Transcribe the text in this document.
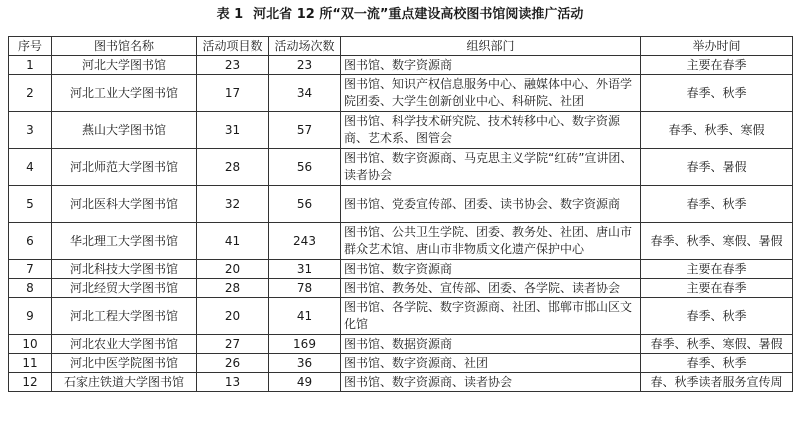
表 1 河北省 12 所“双一流”重点建设高校图书馆阅读推广活动
序号	图书馆名称	活动项目数	活动场次数	组织部门	举办时间
1	河北大学图书馆	23	23	图书馆、数字资源商	主要在春季
2	河北工业大学图书馆	17	34	图书馆、知识产权信息服务中心、融媒体中心、外语学院团委、大学生创新创业中心、科研院、社团	春季、秋季
3	燕山大学图书馆	31	57	图书馆、科学技术研究院、技术转移中心、数字资源商、艺术系、图管会	春季、秋季、寒假
4	河北师范大学图书馆	28	56	图书馆、数字资源商、马克思主义学院“红砖”宣讲团、读者协会	春季、暑假
5	河北医科大学图书馆	32	56	图书馆、党委宣传部、团委、读书协会、数字资源商	春季、秋季
6	华北理工大学图书馆	41	243	图书馆、公共卫生学院、团委、教务处、社团、唐山市群众艺术馆、唐山市非物质文化遗产保护中心	春季、秋季、寒假、暑假
7	河北科技大学图书馆	20	31	图书馆、数字资源商	主要在春季
8	河北经贸大学图书馆	28	78	图书馆、教务处、宣传部、团委、各学院、读者协会	主要在春季
9	河北工程大学图书馆	20	41	图书馆、各学院、数字资源商、社团、邯郸市邯山区文化馆	春季、秋季
10	河北农业大学图书馆	27	169	图书馆、数据资源商	春季、秋季、寒假、暑假
11	河北中医学院图书馆	26	36	图书馆、数字资源商、社团	春季、秋季
12	石家庄铁道大学图书馆	13	49	图书馆、数字资源商、读者协会	春、秋季读者服务宣传周
